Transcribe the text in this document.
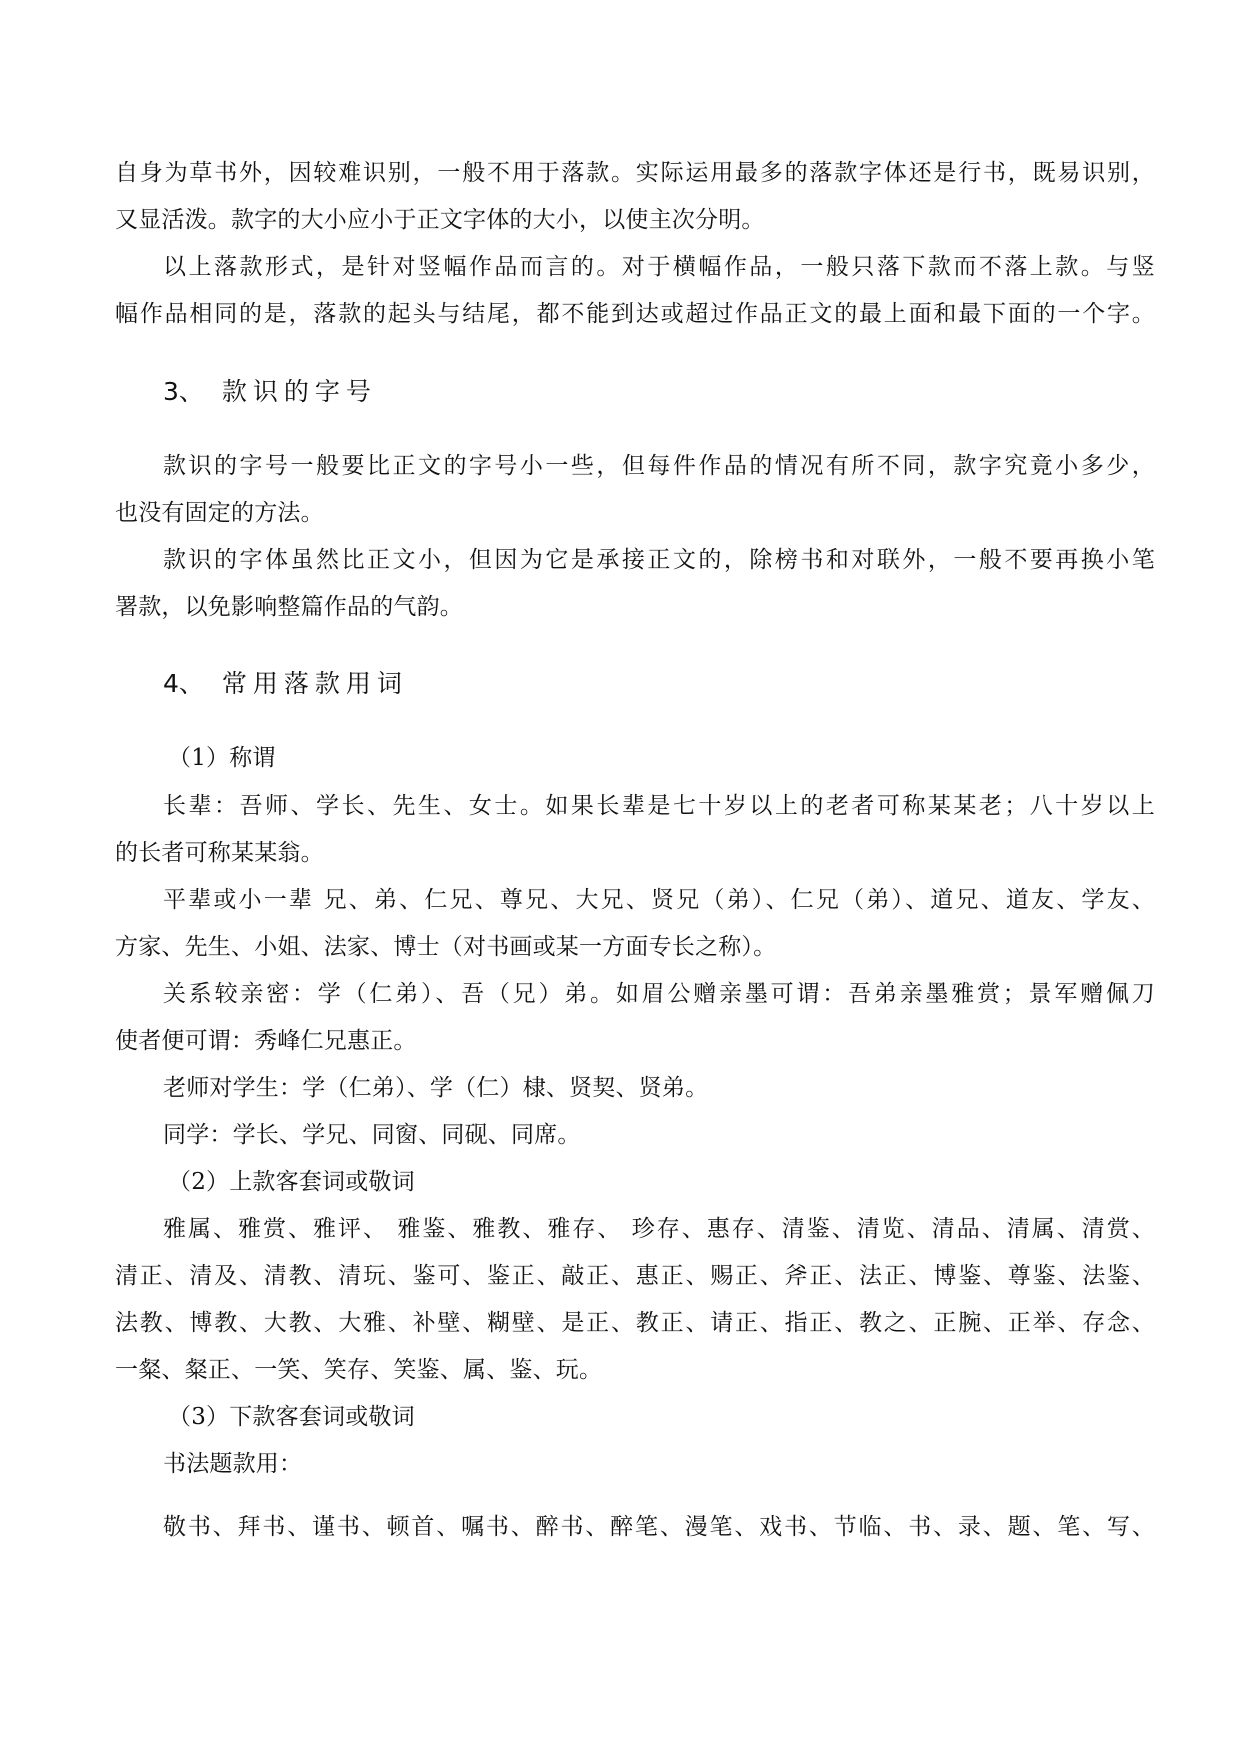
自身为草书外，因较难识别，一般不用于落款。实际运用最多的落款字体还是行书，既易识别，
又显活泼。款字的大小应小于正文字体的大小，以使主次分明。
以上落款形式，是针对竖幅作品而言的。对于横幅作品，一般只落下款而不落上款。与竖
幅作品相同的是，落款的起头与结尾，都不能到达或超过作品正文的最上面和最下面的一个字。
3、 款识的字号
款识的字号一般要比正文的字号小一些，但每件作品的情况有所不同，款字究竟小多少，
也没有固定的方法。
款识的字体虽然比正文小，但因为它是承接正文的，除榜书和对联外，一般不要再换小笔
署款，以免影响整篇作品的气韵。
4、 常用落款用词
（1）称谓
长辈：吾师、学长、先生、女士。如果长辈是七十岁以上的老者可称某某老；八十岁以上
的长者可称某某翁。
平辈或小一辈 兄、弟、仁兄、尊兄、大兄、贤兄（弟）、仁兄（弟）、道兄、道友、学友、
方家、先生、小姐、法家、博士（对书画或某一方面专长之称）。
关系较亲密：学（仁弟）、吾（兄）弟。如眉公赠亲墨可谓：吾弟亲墨雅赏；景军赠佩刀
使者便可谓：秀峰仁兄惠正。
老师对学生：学（仁弟）、学（仁）棣、贤契、贤弟。
同学：学长、学兄、同窗、同砚、同席。
（2）上款客套词或敬词
雅属、雅赏、雅评、 雅鉴、雅教、雅存、 珍存、惠存、清鉴、清览、清品、清属、清赏、
清正、清及、清教、清玩、鉴可、鉴正、敲正、惠正、赐正、斧正、法正、博鉴、尊鉴、法鉴、
法教、博教、大教、大雅、补壁、糊壁、是正、教正、请正、指正、教之、正腕、正举、存念、
一粲、粲正、一笑、笑存、笑鉴、属、鉴、玩。
（3）下款客套词或敬词
书法题款用：
敬书、拜书、谨书、顿首、嘱书、醉书、醉笔、漫笔、戏书、节临、书、录、题、笔、写、
